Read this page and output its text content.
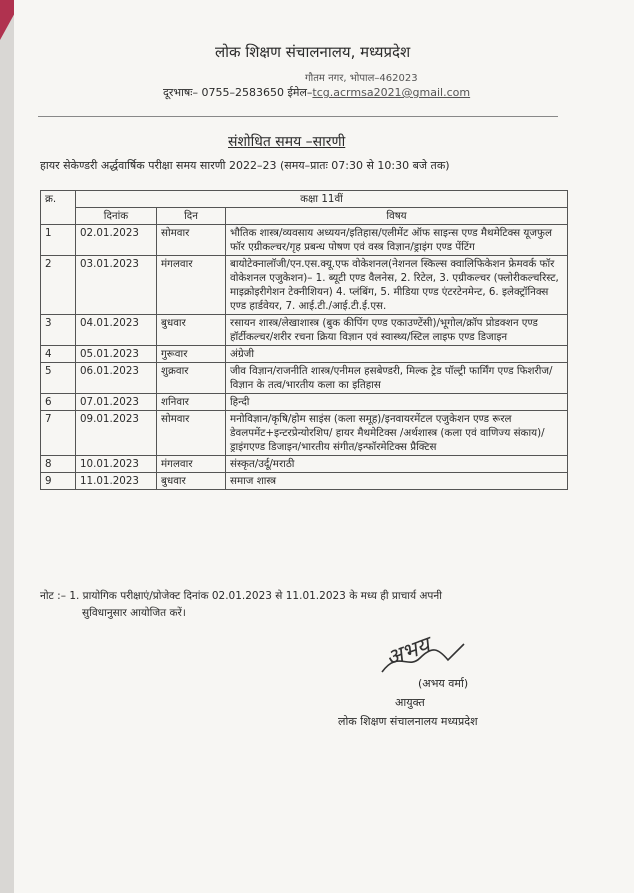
लोक शिक्षण संचालनालय, मध्यप्रदेश
गौतम नगर, भोपाल–462023
दूरभाषः– 0755–2583650 ईमेल–tcg.acrmsa2021@gmail.com
संशोधित समय –सारणी
हायर सेकेण्डरी अर्द्धवार्षिक परीक्षा समय सारणी 2022–23 (समय–प्रातः 07:30 से 10:30 बजे तक)
क्र.	कक्षा 11वीं		
	दिनांक	दिन	विषय
1	02.01.2023	सोमवार	भौतिक शास्त्र/व्यवसाय अध्ययन/इतिहास/एलीमेंट ऑफ साइन्स एण्ड मैथमेटिक्स यूजफुल फॉर एग्रीकल्चर/गृह प्रबन्ध पोषण एवं वस्त्र विज्ञान/ड्राइंग एण्ड पेंटिंग
2	03.01.2023	मंगलवार	बायोटेक्नालॉजी/एन.एस.क्यू.एफ वोकेशनल(नेशनल स्किल्स क्वालिफिकेशन फ्रेमवर्क फॉर वोकेशनल एजुकेशन)– 1. ब्यूटी एण्ड वैलनेस, 2. रिटेल, 3. एग्रीकल्चर (फ्लोरीकल्चरिस्ट, माइक्रोइरीगेशन टेक्नीशियन) 4. प्लंबिंग, 5. मीडिया एण्ड एंटरटेनमेन्ट, 6. इलेक्ट्रॉनिक्स एण्ड हार्डवेयर, 7. आई.टी./आई.टी.ई.एस.
3	04.01.2023	बुधवार	रसायन शास्त्र/लेखाशास्त्र (बुक कीपिंग एण्ड एकाउण्टेंसी)/भूगोल/क्रॉप प्रोडक्शन एण्ड हॉर्टीकल्चर/शरीर रचना क्रिया विज्ञान एवं स्वास्थ्य/स्टिल लाइफ एण्ड डिजाइन
4	05.01.2023	गुरूवार	अंग्रेजी
5	06.01.2023	शुक्रवार	जीव विज्ञान/राजनीति शास्त्र/एनीमल हसबेण्डरी, मिल्क ट्रेड पॉल्ट्री फार्मिंग एण्ड फिशरीज/विज्ञान के तत्व/भारतीय कला का इतिहास
6	07.01.2023	शनिवार	हिन्दी
7	09.01.2023	सोमवार	मनोविज्ञान/कृषि/होम साइंस (कला समूह)/इनवायरमेंटल एजुकेशन एण्ड रूरल डेवलपमेंट+इन्टरप्रेन्योरशिप/ हायर मैथमेटिक्स /अर्थशास्त्र (कला एवं वाणिज्य संकाय)/ड्राइंगएण्ड डिजाइन/भारतीय संगीत/इन्फॉरमेटिक्स प्रैक्टिस
8	10.01.2023	मंगलवार	संस्कृत/उर्दू/मराठी
9	11.01.2023	बुधवार	समाज शास्त्र
नोट :– 1. प्रायोगिक परीक्षाएं/प्रोजेक्ट दिनांक 02.01.2023 से 11.01.2023 के मध्य ही प्राचार्य अपनी
सुविधानुसार आयोजित करें।
अभय
(अभय वर्मा)
आयुक्त
लोक शिक्षण संचालनालय मध्यप्रदेश
